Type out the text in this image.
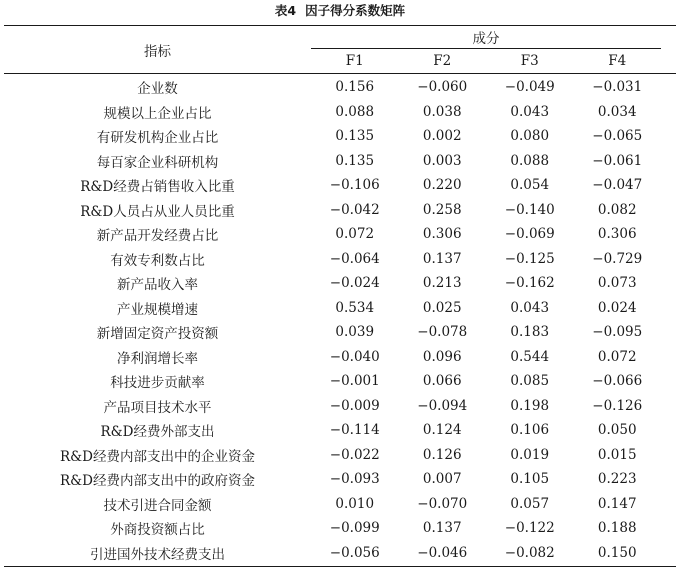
表4 因子得分系数矩阵
指标
成分
F1	F2	F3	F4
企业数	0.156	−0.060	−0.049	−0.031
规模以上企业占比	0.088	0.038	0.043	0.034
有研发机构企业占比	0.135	0.002	0.080	−0.065
每百家企业科研机构	0.135	0.003	0.088	−0.061
R&D经费占销售收入比重	−0.106	0.220	0.054	−0.047
R&D人员占从业人员比重	−0.042	0.258	−0.140	0.082
新产品开发经费占比	0.072	0.306	−0.069	0.306
有效专利数占比	−0.064	0.137	−0.125	−0.729
新产品收入率	−0.024	0.213	−0.162	0.073
产业规模增速	0.534	0.025	0.043	0.024
新增固定资产投资额	0.039	−0.078	0.183	−0.095
净利润增长率	−0.040	0.096	0.544	0.072
科技进步贡献率	−0.001	0.066	0.085	−0.066
产品项目技术水平	−0.009	−0.094	0.198	−0.126
R&D经费外部支出	−0.114	0.124	0.106	0.050
R&D经费内部支出中的企业资金	−0.022	0.126	0.019	0.015
R&D经费内部支出中的政府资金	−0.093	0.007	0.105	0.223
技术引进合同金额	0.010	−0.070	0.057	0.147
外商投资额占比	−0.099	0.137	−0.122	0.188
引进国外技术经费支出	−0.056	−0.046	−0.082	0.150
